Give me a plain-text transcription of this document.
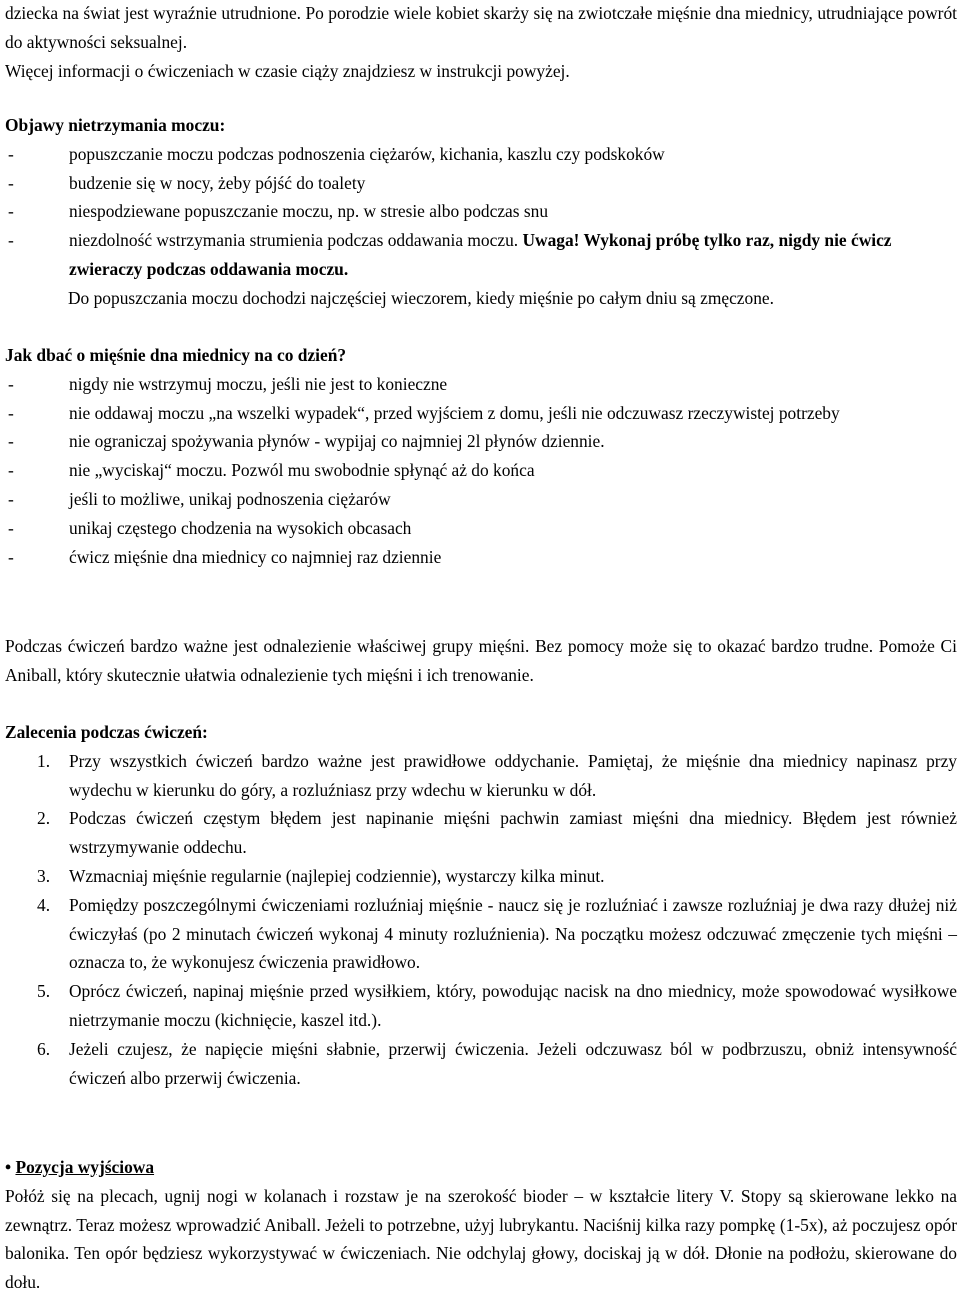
dziecka na świat jest wyraźnie utrudnione. Po porodzie wiele kobiet skarży się na zwiotczałe mięśnie dna miednicy, utrudniające powrót do aktywności seksualnej.

Więcej informacji o ćwiczeniach w czasie ciąży znajdziesz w instrukcji powyżej.

Objawy nietrzymania moczu:

- popuszczanie moczu podczas podnoszenia ciężarów, kichania, kaszlu czy podskoków
- budzenie się w nocy, żeby pójść do toalety
- niespodziewane popuszczanie moczu, np. w stresie albo podczas snu
- niezdolność wstrzymania strumienia podczas oddawania moczu. Uwaga! Wykonaj próbę tylko raz, nigdy nie ćwicz zwieraczy podczas oddawania moczu.

Do popuszczania moczu dochodzi najczęściej wieczorem, kiedy mięśnie po całym dniu są zmęczone.

Jak dbać o mięśnie dna miednicy na co dzień?

- nigdy nie wstrzymuj moczu, jeśli nie jest to konieczne
- nie oddawaj moczu „na wszelki wypadek“, przed wyjściem z domu, jeśli nie odczuwasz rzeczywistej potrzeby
- nie ograniczaj spożywania płynów - wypijaj co najmniej 2l płynów dziennie.
- nie „wyciskaj“ moczu. Pozwól mu swobodnie spłynąć aż do końca
- jeśli to możliwe, unikaj podnoszenia ciężarów
- unikaj częstego chodzenia na wysokich obcasach
- ćwicz mięśnie dna miednicy co najmniej raz dziennie

Podczas ćwiczeń bardzo ważne jest odnalezienie właściwej grupy mięśni. Bez pomocy może się to okazać bardzo trudne. Pomoże Ci Aniball, który skutecznie ułatwia odnalezienie tych mięśni i ich trenowanie.

Zalecenia podczas ćwiczeń:

1. Przy wszystkich ćwiczeń bardzo ważne jest prawidłowe oddychanie. Pamiętaj, że mięśnie dna miednicy napinasz przy wydechu w kierunku do góry, a rozluźniasz przy wdechu w kierunku w dół.
2. Podczas ćwiczeń częstym błędem jest napinanie mięśni pachwin zamiast mięśni dna miednicy. Błędem jest również wstrzymywanie oddechu.
3. Wzmacniaj mięśnie regularnie (najlepiej codziennie), wystarczy kilka minut.
4. Pomiędzy poszczególnymi ćwiczeniami rozluźniaj mięśnie - naucz się je rozluźniać i zawsze rozluźniaj je dwa razy dłużej niż ćwiczyłaś (po 2 minutach ćwiczeń wykonaj 4 minuty rozluźnienia). Na początku możesz odczuwać zmęczenie tych mięśni – oznacza to, że wykonujesz ćwiczenia prawidłowo.
5. Oprócz ćwiczeń, napinaj mięśnie przed wysiłkiem, który, powodując nacisk na dno miednicy, może spowodować wysiłkowe nietrzymanie moczu (kichnięcie, kaszel itd.).
6. Jeżeli czujesz, że napięcie mięśni słabnie, przerwij ćwiczenia. Jeżeli odczuwasz ból w podbrzuszu, obniż intensywność ćwiczeń albo przerwij ćwiczenia.

• Pozycja wyjściowa

Połóż się na plecach, ugnij nogi w kolanach i rozstaw je na szerokość bioder – w kształcie litery V. Stopy są skierowane lekko na zewnątrz. Teraz możesz wprowadzić Aniball. Jeżeli to potrzebne, użyj lubrykantu. Naciśnij kilka razy pompkę (1-5x), aż poczujesz opór balonika. Ten opór będziesz wykorzystywać w ćwiczeniach. Nie odchylaj głowy, dociskaj ją w dół. Dłonie na podłożu, skierowane do dołu.
